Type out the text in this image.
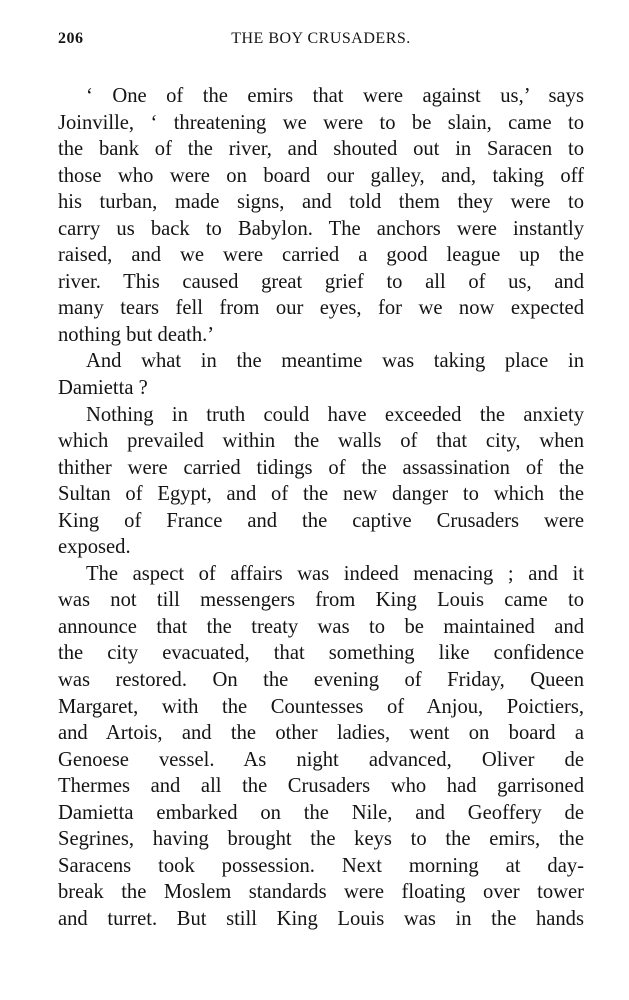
206	THE BOY CRUSADERS.

‘ One of the emirs that were against us,’ says
Joinville, ‘ threatening we were to be slain, came to
the bank of the river, and shouted out in Saracen to
those who were on board our galley, and, taking off
his turban, made signs, and told them they were to
carry us back to Babylon. The anchors were instantly
raised, and we were carried a good league up the
river. This caused great grief to all of us, and
many tears fell from our eyes, for we now expected
nothing but death.’

And what in the meantime was taking place in
Damietta ?

Nothing in truth could have exceeded the anxiety
which prevailed within the walls of that city, when
thither were carried tidings of the assassination of the
Sultan of Egypt, and of the new danger to which the
King of France and the captive Crusaders were
exposed.

The aspect of affairs was indeed menacing ; and it
was not till messengers from King Louis came to
announce that the treaty was to be maintained and
the city evacuated, that something like confidence
was restored. On the evening of Friday, Queen
Margaret, with the Countesses of Anjou, Poictiers,
and Artois, and the other ladies, went on board a
Genoese vessel. As night advanced, Oliver de
Thermes and all the Crusaders who had garrisoned
Damietta embarked on the Nile, and Geoffery de
Segrines, having brought the keys to the emirs, the
Saracens took possession. Next morning at day-
break the Moslem standards were floating over tower
and turret. But still King Louis was in the hands
